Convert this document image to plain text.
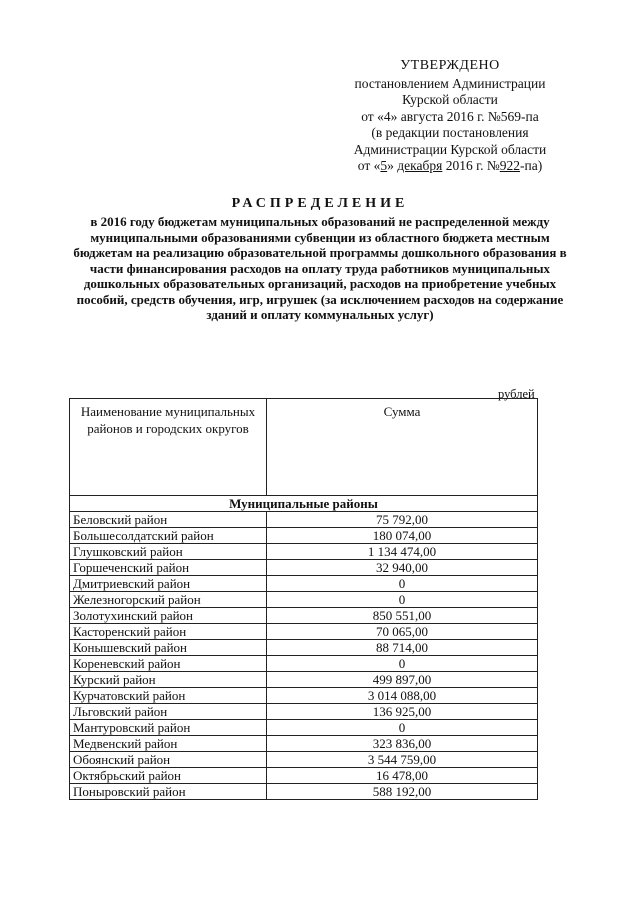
УТВЕРЖДЕНО
постановлением Администрации
Курской области
от «4» августа 2016 г. №569-па
(в редакции постановления
Администрации Курской области
от «5» декабря 2016 г. №922-па)
РАСПРЕДЕЛЕНИЕ
в 2016 году бюджетам муниципальных образований не распределенной между муниципальными образованиями субвенции из областного бюджета местным бюджетам на реализацию образовательной программы дошкольного образования в части финансирования расходов на оплату труда работников муниципальных дошкольных образовательных организаций, расходов на приобретение учебных пособий, средств обучения, игр, игрушек (за исключением расходов на содержание зданий и оплату коммунальных услуг)
рублей
Наименование муниципальных районов и городских округов	Сумма
Муниципальные районы	
Беловский район	75 792,00
Большесолдатский район	180 074,00
Глушковский район	1 134 474,00
Горшеченский район	32 940,00
Дмитриевский район	0
Железногорский район	0
Золотухинский район	850 551,00
Касторенский район	70 065,00
Конышевский район	88 714,00
Кореневский район	0
Курский район	499 897,00
Курчатовский район	3 014 088,00
Льговский район	136 925,00
Мантуровский район	0
Медвенский район	323 836,00
Обоянский район	3 544 759,00
Октябрьский район	16 478,00
Поныровский район	588 192,00
